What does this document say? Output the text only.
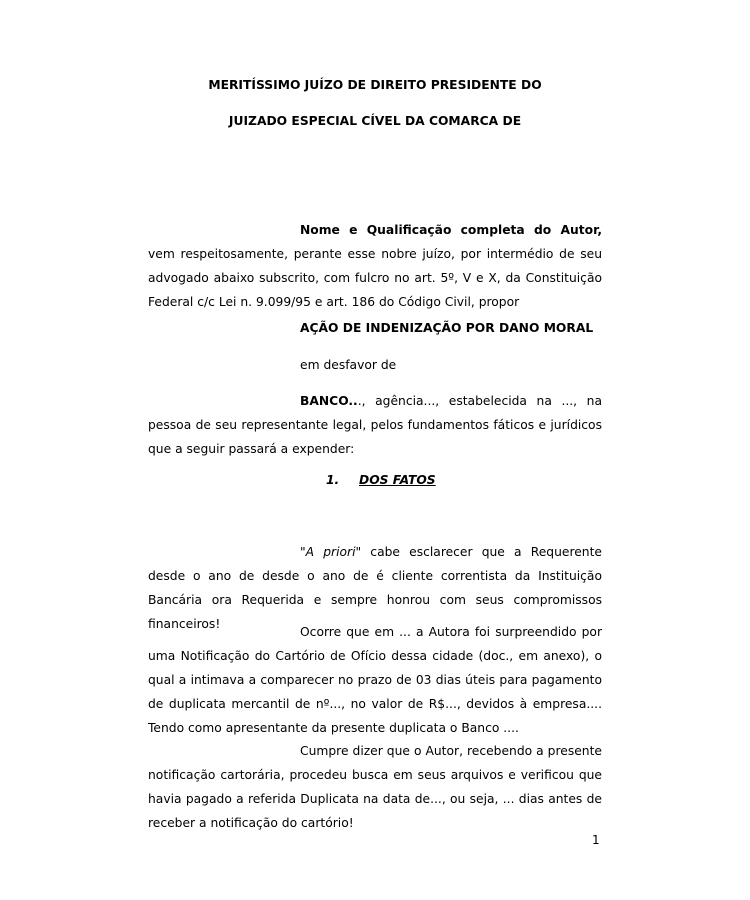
MERITÍSSIMO JUÍZO DE DIREITO PRESIDENTE DO

JUIZADO ESPECIAL CÍVEL DA COMARCA DE

Nome e Qualificação completa do Autor, vem respeitosamente, perante esse nobre juízo, por intermédio de seu advogado abaixo subscrito, com fulcro no art. 5º, V e X, da Constituição Federal c/c Lei n. 9.099/95 e art. 186 do Código Civil, propor

AÇÃO DE INDENIZAÇÃO POR DANO MORAL

em desfavor de

BANCO..., agência..., estabelecida na ..., na pessoa de seu representante legal, pelos fundamentos fáticos e jurídicos que a seguir passará a expender:

1. DOS FATOS

"A priori" cabe esclarecer que a Requerente desde o ano de desde o ano de é cliente correntista da Instituição Bancária ora Requerida e sempre honrou com seus compromissos financeiros!

Ocorre que em ... a Autora foi surpreendido por uma Notificação do Cartório de Ofício dessa cidade (doc., em anexo), o qual a intimava a comparecer no prazo de 03 dias úteis para pagamento de duplicata mercantil de nº..., no valor de R$..., devidos à empresa.... Tendo como apresentante da presente duplicata o Banco ....

Cumpre dizer que o Autor, recebendo a presente notificação cartorária, procedeu busca em seus arquivos e verificou que havia pagado a referida Duplicata na data de..., ou seja, ... dias antes de receber a notificação do cartório!

1
